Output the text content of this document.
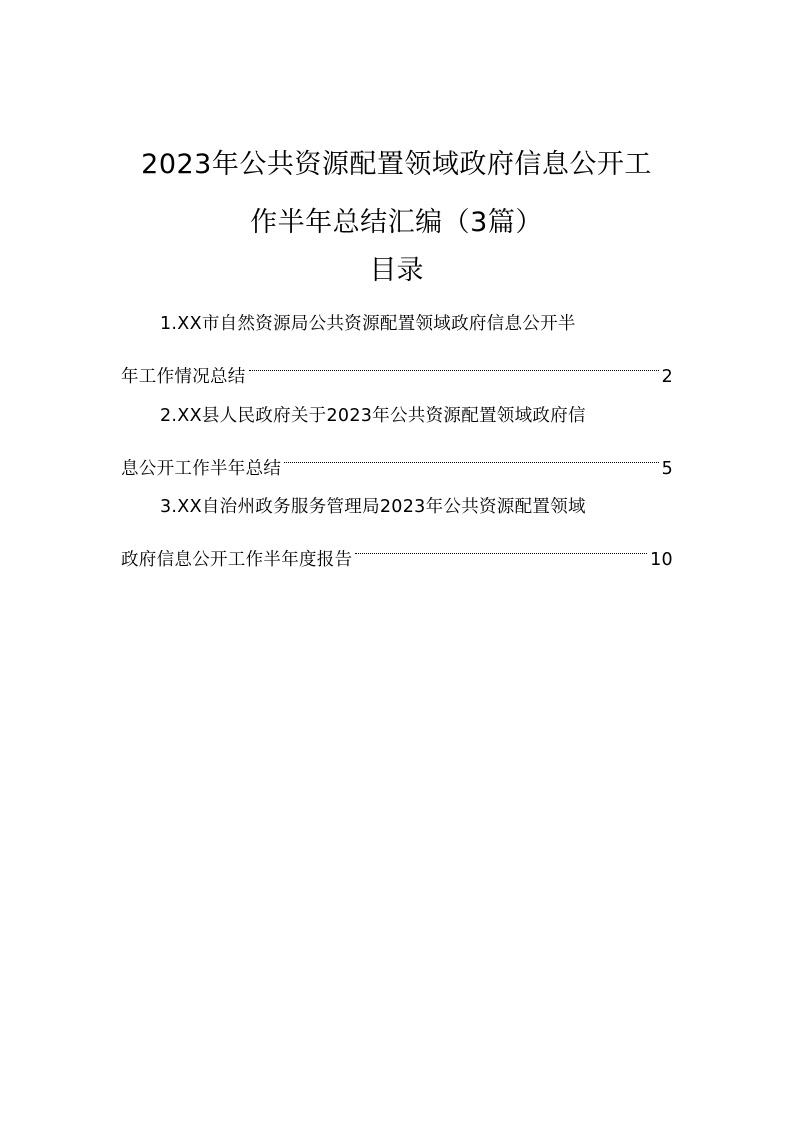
2023年公共资源配置领域政府信息公开工
作半年总结汇编（3篇）
目录
1.XX市自然资源局公共资源配置领域政府信息公开半
年工作情况总结	2
2.XX县人民政府关于2023年公共资源配置领域政府信
息公开工作半年总结	5
3.XX自治州政务服务管理局2023年公共资源配置领域
政府信息公开工作半年度报告	10
